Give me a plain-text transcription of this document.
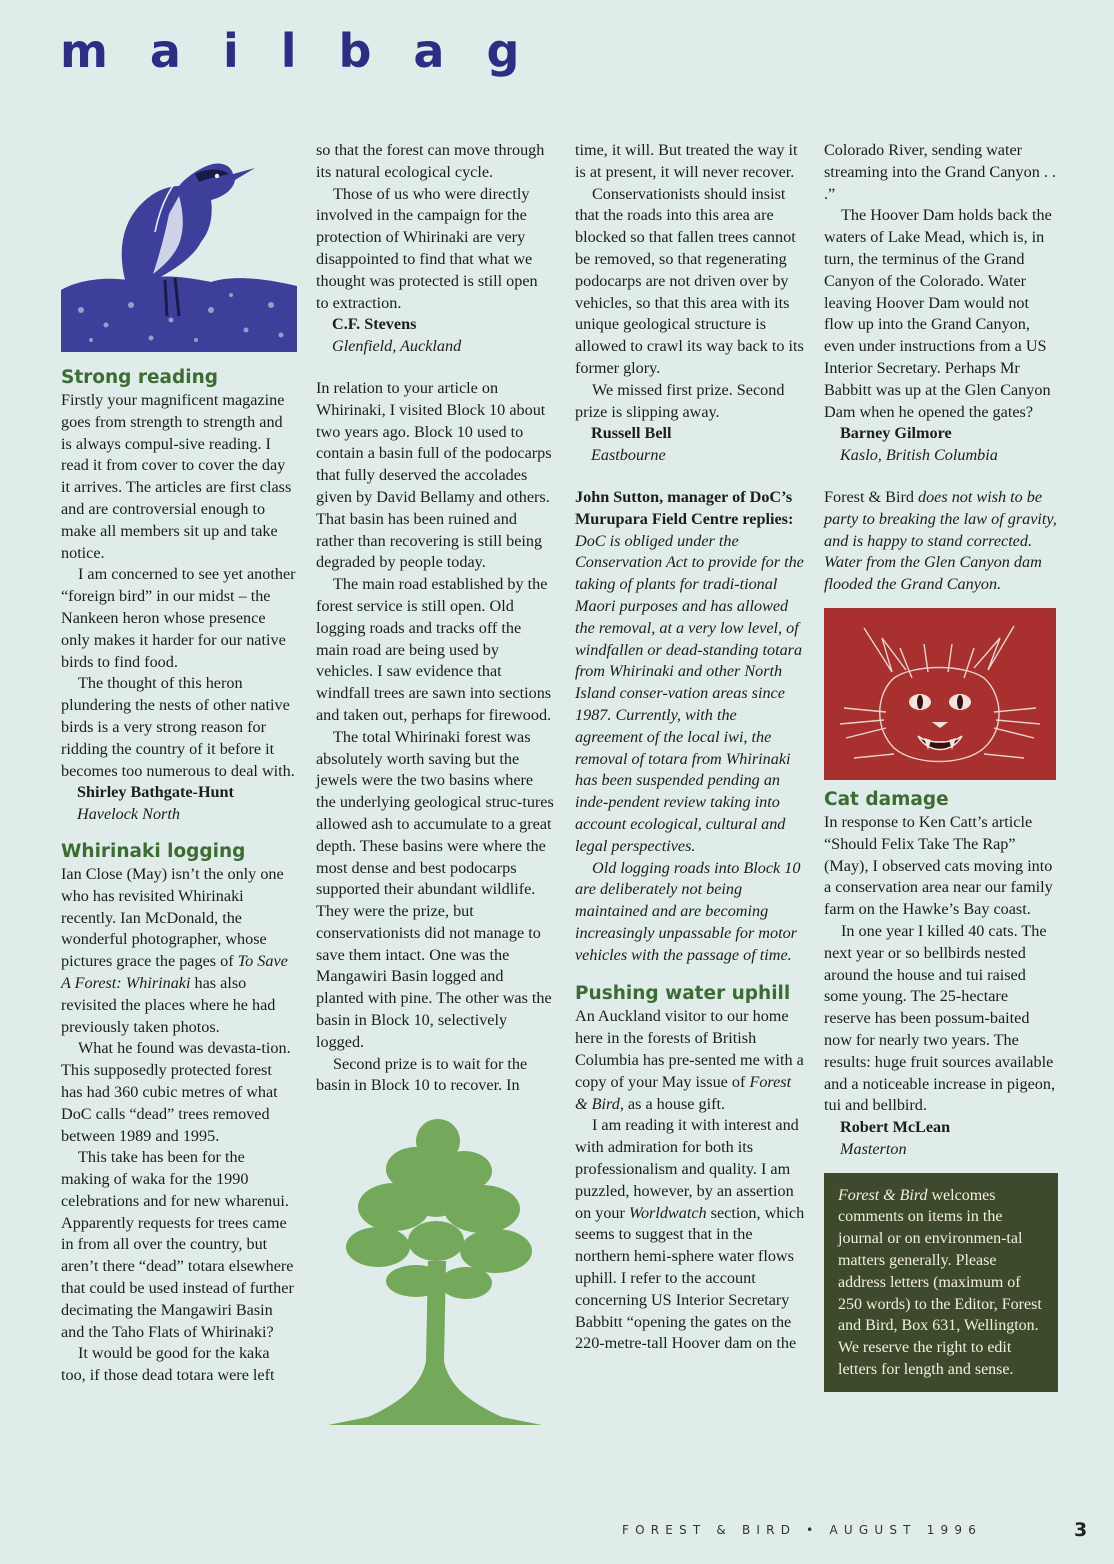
mailbag
Strong reading

Firstly your magnificent magazine goes from strength to strength and is always compul-sive reading. I read it from cover to cover the day it arrives. The articles are first class and are controversial enough to make all members sit up and take notice.

I am concerned to see yet another “foreign bird” in our midst – the Nankeen heron whose presence only makes it harder for our native birds to find food.

The thought of this heron plundering the nests of other native birds is a very strong reason for ridding the country of it before it becomes too numerous to deal with.

Shirley Bathgate-Hunt

Havelock North

Whirinaki logging

Ian Close (May) isn’t the only one who has revisited Whirinaki recently. Ian McDonald, the wonderful photographer, whose pictures grace the pages of To Save A Forest: Whirinaki has also revisited the places where he had previously taken photos.

What he found was devasta-tion. This supposedly protected forest has had 360 cubic metres of what DoC calls “dead” trees removed between 1989 and 1995.

This take has been for the making of waka for the 1990 celebrations and for new wharenui. Apparently requests for trees came in from all over the country, but aren’t there “dead” totara elsewhere that could be used instead of further decimating the Mangawiri Basin and the Taho Flats of Whirinaki?

It would be good for the kaka too, if those dead totara were left

so that the forest can move through its natural ecological cycle.

Those of us who were directly involved in the campaign for the protection of Whirinaki are very disappointed to find that what we thought was protected is still open to extraction.

C.F. Stevens

Glenfield, Auckland

In relation to your article on Whirinaki, I visited Block 10 about two years ago. Block 10 used to contain a basin full of the podocarps that fully deserved the accolades given by David Bellamy and others. That basin has been ruined and rather than recovering is still being degraded by people today.

The main road established by the forest service is still open. Old logging roads and tracks off the main road are being used by vehicles. I saw evidence that windfall trees are sawn into sections and taken out, perhaps for firewood.

The total Whirinaki forest was absolutely worth saving but the jewels were the two basins where the underlying geological struc-tures allowed ash to accumulate to a great depth. These basins were where the most dense and best podocarps supported their abundant wildlife. They were the prize, but conservationists did not manage to save them intact. One was the Mangawiri Basin logged and planted with pine. The other was the basin in Block 10, selectively logged.

Second prize is to wait for the basin in Block 10 to recover. In

time, it will. But treated the way it is at present, it will never recover.

Conservationists should insist that the roads into this area are blocked so that fallen trees cannot be removed, so that regenerating podocarps are not driven over by vehicles, so that this area with its unique geological structure is allowed to crawl its way back to its former glory.

We missed first prize. Second prize is slipping away.

Russell Bell

Eastbourne

John Sutton, manager of DoC’s Murupara Field Centre replies:

DoC is obliged under the Conservation Act to provide for the taking of plants for tradi-tional Maori purposes and has allowed the removal, at a very low level, of windfallen or dead-standing totara from Whirinaki and other North Island conser-vation areas since 1987. Currently, with the agreement of the local iwi, the removal of totara from Whirinaki has been suspended pending an inde-pendent review taking into account ecological, cultural and legal perspectives.

Old logging roads into Block 10 are deliberately not being maintained and are becoming increasingly unpassable for motor vehicles with the passage of time.

Pushing water uphill

An Auckland visitor to our home here in the forests of British Columbia has pre-sented me with a copy of your May issue of Forest & Bird, as a house gift.

I am reading it with interest and with admiration for both its professionalism and quality. I am puzzled, however, by an assertion on your Worldwatch section, which seems to suggest that in the northern hemi-sphere water flows uphill. I refer to the account concerning US Interior Secretary Babbitt “opening the gates on the 220-metre-tall Hoover dam on the

Colorado River, sending water streaming into the Grand Canyon . . .”

The Hoover Dam holds back the waters of Lake Mead, which is, in turn, the terminus of the Grand Canyon of the Colorado. Water leaving Hoover Dam would not flow up into the Grand Canyon, even under instructions from a US Interior Secretary. Perhaps Mr Babbitt was up at the Glen Canyon Dam when he opened the gates?

Barney Gilmore

Kaslo, British Columbia

Forest & Bird does not wish to be party to breaking the law of gravity, and is happy to stand corrected. Water from the Glen Canyon dam flooded the Grand Canyon.

Cat damage

In response to Ken Catt’s article “Should Felix Take The Rap” (May), I observed cats moving into a conservation area near our family farm on the Hawke’s Bay coast.

In one year I killed 40 cats. The next year or so bellbirds nested around the house and tui raised some young. The 25-hectare reserve has been possum-baited now for nearly two years. The results: huge fruit sources available and a noticeable increase in pigeon, tui and bellbird.

Robert McLean

Masterton

Forest & Bird welcomes comments on items in the journal or on environmen-tal matters generally. Please address letters (maximum of 250 words) to the Editor, Forest and Bird, Box 631, Wellington. We reserve the right to edit letters for length and sense.
FOREST & BIRD • AUGUST 1996	3
